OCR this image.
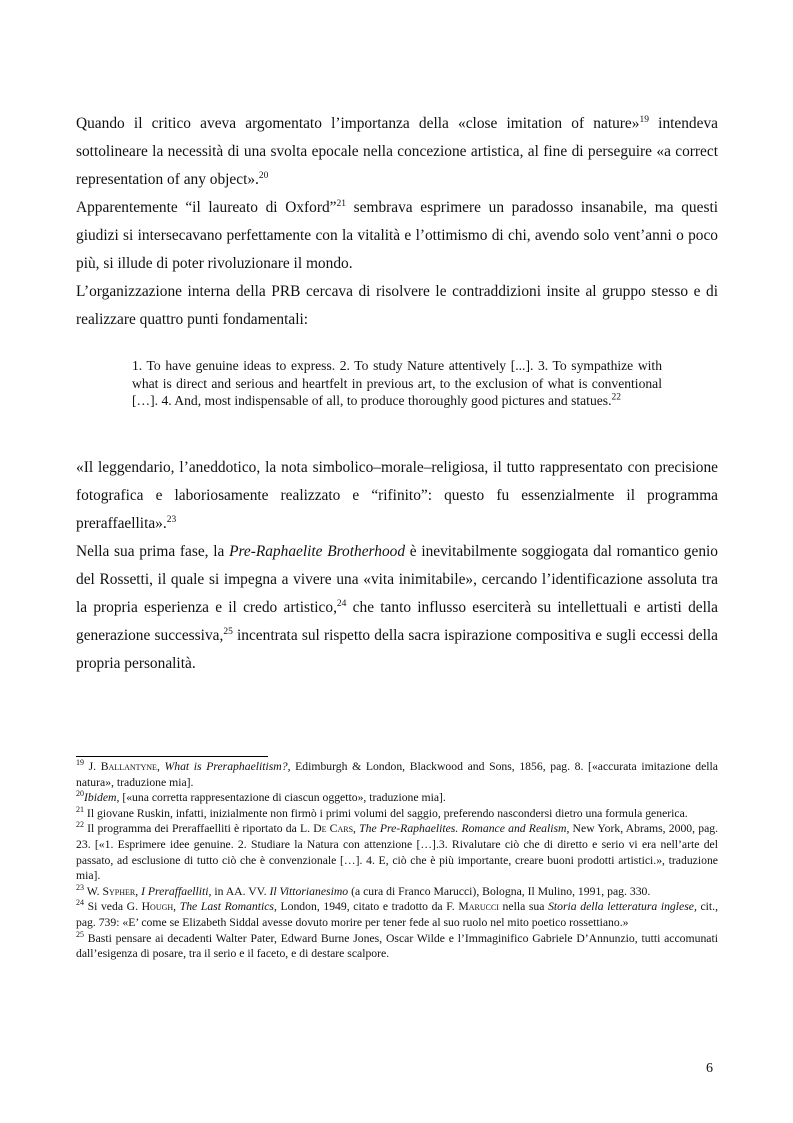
Quando il critico aveva argomentato l’importanza della «close imitation of nature»$^{19}$ intendeva sottolineare la necessità di una svolta epocale nella concezione artistica, al fine di perseguire «a correct representation of any object».$^{20}$

Apparentemente “il laureato di Oxford”$^{21}$ sembrava esprimere un paradosso insanabile, ma questi giudizi si intersecavano perfettamente con la vitalità e l’ottimismo di chi, avendo solo vent’anni o poco più, si illude di poter rivoluzionare il mondo.

L’organizzazione interna della PRB cercava di risolvere le contraddizioni insite al gruppo stesso e di realizzare quattro punti fondamentali:

1. To have genuine ideas to express. 2. To study Nature attentively [...]. 3. To sympathize with what is direct and serious and heartfelt in previous art, to the exclusion of what is conventional […]. 4. And, most indispensable of all, to produce thoroughly good pictures and statues.$^{22}$

«Il leggendario, l’aneddotico, la nota simbolico–morale–religiosa, il tutto rappresentato con precisione fotografica e laboriosamente realizzato e “rifinito”: questo fu essenzialmente il programma preraffaellita».$^{23}$

Nella sua prima fase, la Pre-Raphaelite Brotherhood è inevitabilmente soggiogata dal romantico genio del Rossetti, il quale si impegna a vivere una «vita inimitabile», cercando l’identificazione assoluta tra la propria esperienza e il credo artistico,$^{24}$ che tanto influsso eserciterà su intellettuali e artisti della generazione successiva,$^{25}$ incentrata sul rispetto della sacra ispirazione compositiva e sugli eccessi della propria personalità.

$^{19}$ J. Ballantyne, What is Preraphaelitism?, Edimburgh & London, Blackwood and Sons, 1856, pag. 8. [«accurata imitazione della natura», traduzione mia].

$^{20}$Ibidem, [«una corretta rappresentazione di ciascun oggetto», traduzione mia].

$^{21}$ Il giovane Ruskin, infatti, inizialmente non firmò i primi volumi del saggio, preferendo nascondersi dietro una formula generica.

$^{22}$ Il programma dei Preraffaelliti è riportato da L. De Cars, The Pre-Raphaelites. Romance and Realism, New York, Abrams, 2000, pag. 23. [«1. Esprimere idee genuine. 2. Studiare la Natura con attenzione […].3. Rivalutare ciò che di diretto e serio vi era nell’arte del passato, ad esclusione di tutto ciò che è convenzionale […]. 4. E, ciò che è più importante, creare buoni prodotti artistici.», traduzione mia].

$^{23}$ W. Sypher, I Preraffaelliti, in AA. VV. Il Vittorianesimo (a cura di Franco Marucci), Bologna, Il Mulino, 1991, pag. 330.

$^{24}$ Si veda G. Hough, The Last Romantics, London, 1949, citato e tradotto da F. Marucci nella sua Storia della letteratura inglese, cit., pag. 739: «E’ come se Elizabeth Siddal avesse dovuto morire per tener fede al suo ruolo nel mito poetico rossettiano.»

$^{25}$ Basti pensare ai decadenti Walter Pater, Edward Burne Jones, Oscar Wilde e l’Immaginifico Gabriele D’Annunzio, tutti accomunati dall’esigenza di posare, tra il serio e il faceto, e di destare scalpore.

6
